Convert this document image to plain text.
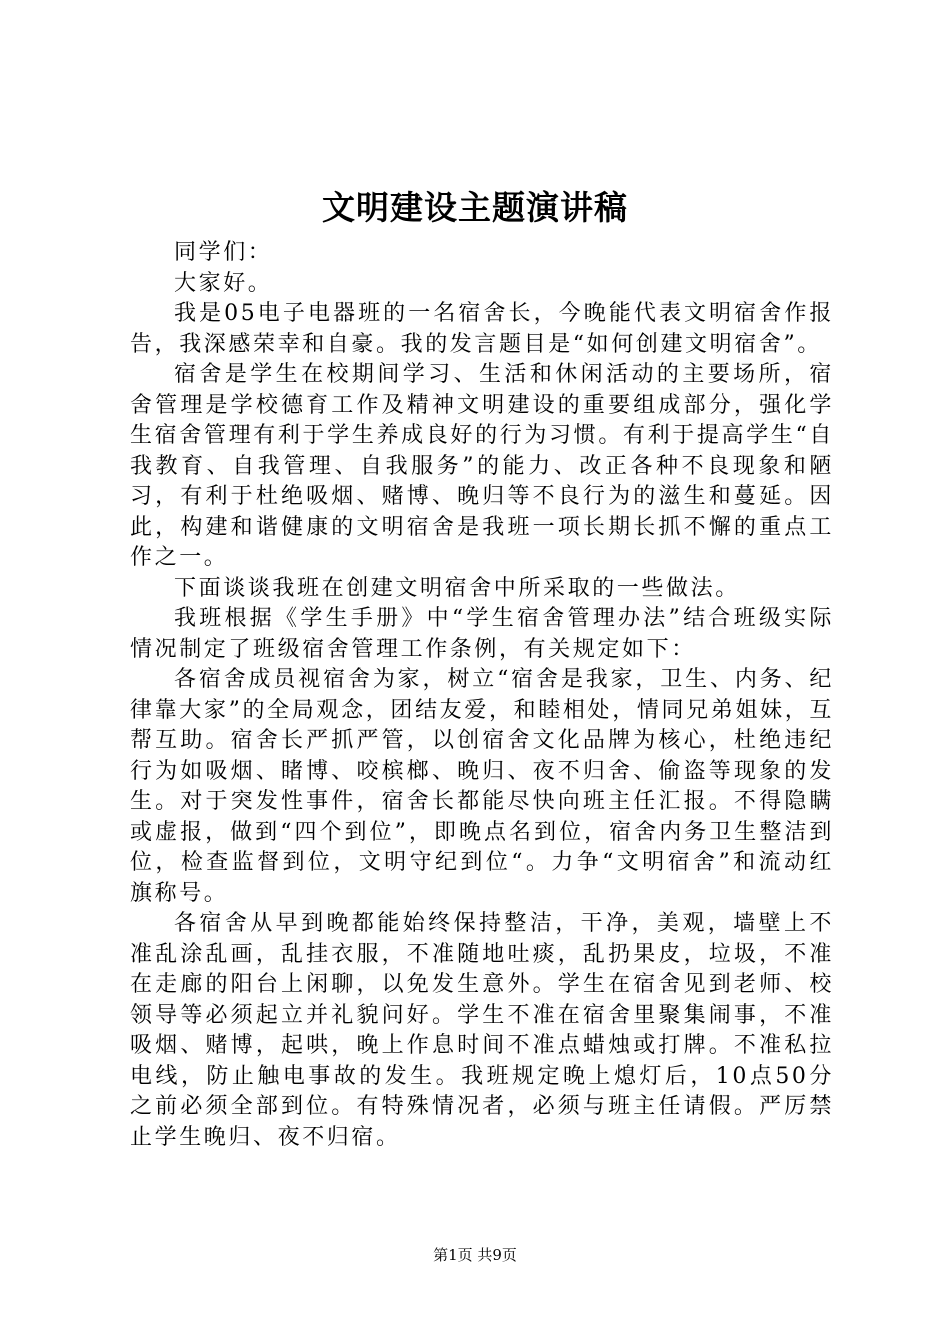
文明建设主题演讲稿

同学们：

大家好。

我是05电子电器班的一名宿舍长，今晚能代表文明宿舍作报告，我深感荣幸和自豪。我的发言题目是“如何创建文明宿舍”。

宿舍是学生在校期间学习、生活和休闲活动的主要场所，宿舍管理是学校德育工作及精神文明建设的重要组成部分，强化学生宿舍管理有利于学生养成良好的行为习惯。有利于提高学生“自我教育、自我管理、自我服务”的能力、改正各种不良现象和陋习，有利于杜绝吸烟、赌博、晚归等不良行为的滋生和蔓延。因此，构建和谐健康的文明宿舍是我班一项长期长抓不懈的重点工作之一。

下面谈谈我班在创建文明宿舍中所采取的一些做法。

我班根据《学生手册》中“学生宿舍管理办法”结合班级实际情况制定了班级宿舍管理工作条例，有关规定如下：

各宿舍成员视宿舍为家，树立“宿舍是我家，卫生、内务、纪律靠大家”的全局观念，团结友爱，和睦相处，情同兄弟姐妹，互帮互助。宿舍长严抓严管，以创宿舍文化品牌为核心，杜绝违纪行为如吸烟、睹博、咬槟榔、晚归、夜不归舍、偷盗等现象的发生。对于突发性事件，宿舍长都能尽快向班主任汇报。不得隐瞒或虚报，做到“四个到位”，即晚点名到位，宿舍内务卫生整洁到位，检查监督到位，文明守纪到位“。力争“文明宿舍”和流动红旗称号。

各宿舍从早到晚都能始终保持整洁，干净，美观，墙壁上不准乱涂乱画，乱挂衣服，不准随地吐痰，乱扔果皮，垃圾，不准在走廊的阳台上闲聊，以免发生意外。学生在宿舍见到老师、校领导等必须起立并礼貌问好。学生不准在宿舍里聚集闹事，不准吸烟、赌博，起哄，晚上作息时间不准点蜡烛或打牌。不准私拉电线，防止触电事故的发生。我班规定晚上熄灯后，10点50分之前必须全部到位。有特殊情况者，必须与班主任请假。严厉禁止学生晚归、夜不归宿。

第1页 共9页
